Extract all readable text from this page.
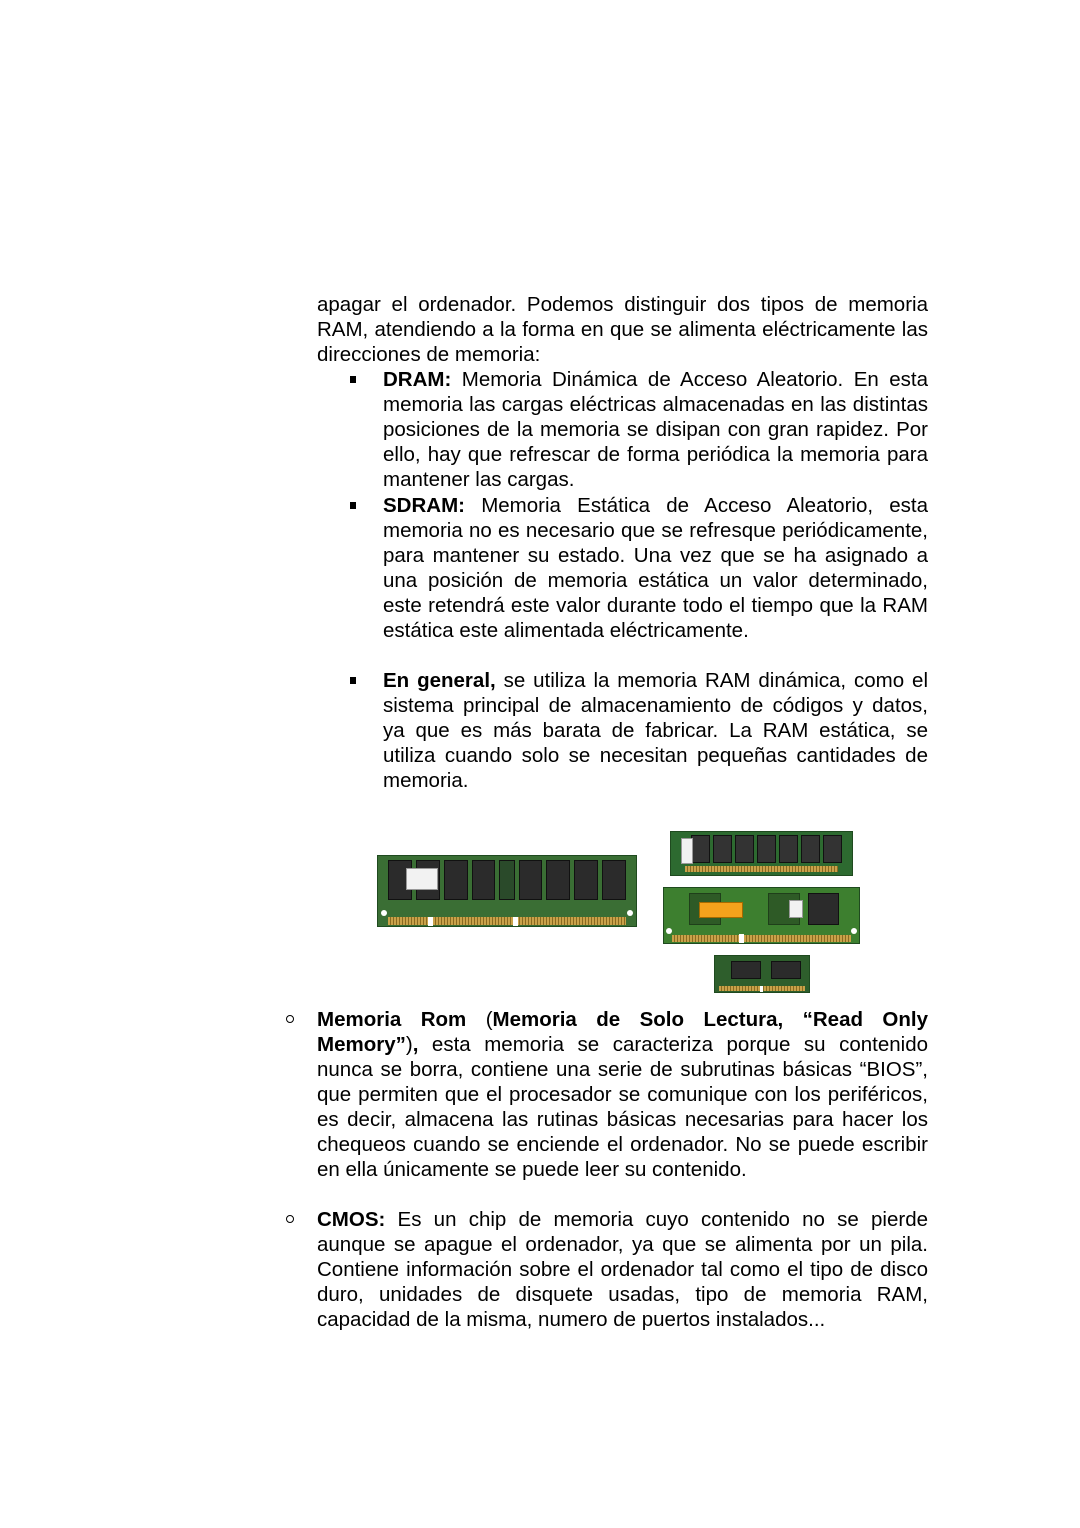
apagar el ordenador. Podemos distinguir dos tipos de memoria RAM, atendiendo a la forma en que se alimenta eléctricamente las direcciones de memoria:

DRAM: Memoria Dinámica de Acceso Aleatorio. En esta memoria las cargas eléctricas almacenadas en las distintas posiciones de la memoria se disipan con gran rapidez. Por ello, hay que refrescar de forma periódica la memoria para mantener las cargas.
SDRAM: Memoria Estática de Acceso Aleatorio, esta memoria no es necesario que se refresque periódicamente, para mantener su estado. Una vez que se ha asignado a una posición de memoria estática un valor determinado, este retendrá este valor durante todo el tiempo que la RAM estática este alimentada eléctricamente.
En general, se utiliza la memoria RAM dinámica, como el sistema principal de almacenamiento de códigos y datos, ya que es más barata de fabricar. La RAM estática, se utiliza cuando solo se necesitan pequeñas cantidades de memoria.
Memoria Rom (Memoria de Solo Lectura, “Read Only Memory”), esta memoria se caracteriza porque su contenido nunca se borra, contiene una serie de subrutinas básicas “BIOS”, que permiten que el procesador se comunique con los periféricos, es decir, almacena las rutinas básicas necesarias para hacer los chequeos cuando se enciende el ordenador. No se puede escribir en ella únicamente se puede leer su contenido.
CMOS: Es un chip de memoria cuyo contenido no se pierde aunque se apague el ordenador, ya que se alimenta por un pila. Contiene información sobre el ordenador tal como el tipo de disco duro, unidades de disquete usadas, tipo de memoria RAM, capacidad de la misma, numero de puertos instalados...
